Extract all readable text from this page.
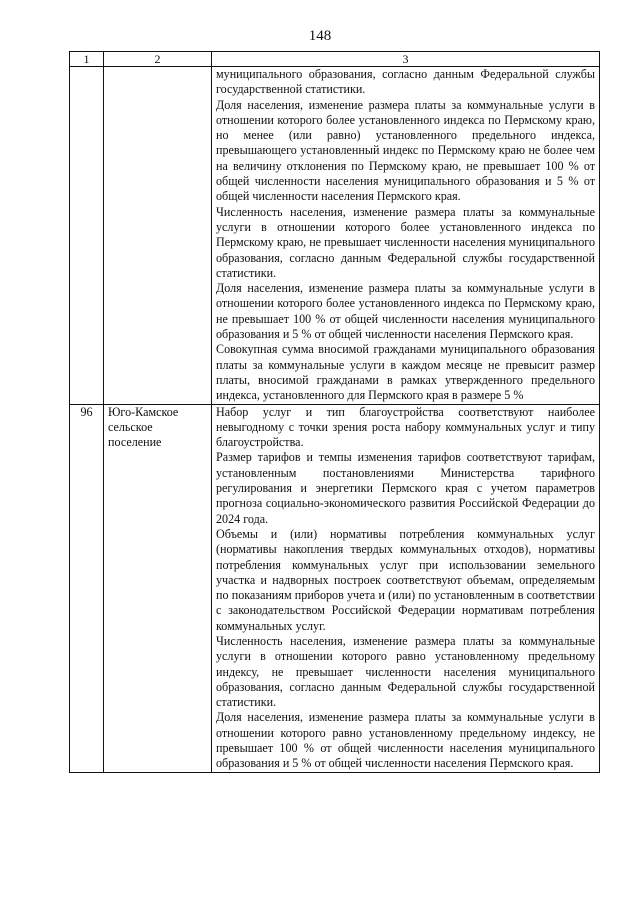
148
1	2	3

		муниципального образования, согласно данным Федеральной службы государственной статистики.

Доля населения, изменение размера платы за коммунальные услуги в отношении которого более установленного индекса по Пермскому краю, но менее (или равно) установленного предельного индекса, превышающего установленный индекс по Пермскому краю не более чем на величину отклонения по Пермскому краю, не превышает 100 % от общей численности населения муниципального образования и 5 % от общей численности населения Пермского края.

Численность населения, изменение размера платы за коммунальные услуги в отношении которого более установленного индекса по Пермскому краю, не превышает численности населения муниципального образования, согласно данным Федеральной службы государственной статистики.

Доля населения, изменение размера платы за коммунальные услуги в отношении которого более установленного индекса по Пермскому краю, не превышает 100 % от общей численности населения муниципального образования и 5 % от общей численности населения Пермского края.

Совокупная сумма вносимой гражданами муниципального образования платы за коммунальные услуги в каждом месяце не превысит размер платы, вносимой гражданами в рамках утвержденного предельного индекса, установленного для Пермского края в размере 5 %

96	Юго-Камское сельское поселение	Набор услуг и тип благоустройства соответствуют наиболее невыгодному с точки зрения роста набору коммунальных услуг и типу благоустройства.

Размер тарифов и темпы изменения тарифов соответствуют тарифам, установленным постановлениями Министерства тарифного регулирования и энергетики Пермского края с учетом параметров прогноза социально-экономического развития Российской Федерации до 2024 года.

Объемы и (или) нормативы потребления коммунальных услуг (нормативы накопления твердых коммунальных отходов), нормативы потребления коммунальных услуг при использовании земельного участка и надворных построек соответствуют объемам, определяемым по показаниям приборов учета и (или) по установленным в соответствии с законодательством Российской Федерации нормативам потребления коммунальных услуг.

Численность населения, изменение размера платы за коммунальные услуги в отношении которого равно установленному предельному индексу, не превышает численности населения муниципального образования, согласно данным Федеральной службы государственной статистики.

Доля населения, изменение размера платы за коммунальные услуги в отношении которого равно установленному предельному индексу, не превышает 100 % от общей численности населения муниципального образования и 5 % от общей численности населения Пермского края.
